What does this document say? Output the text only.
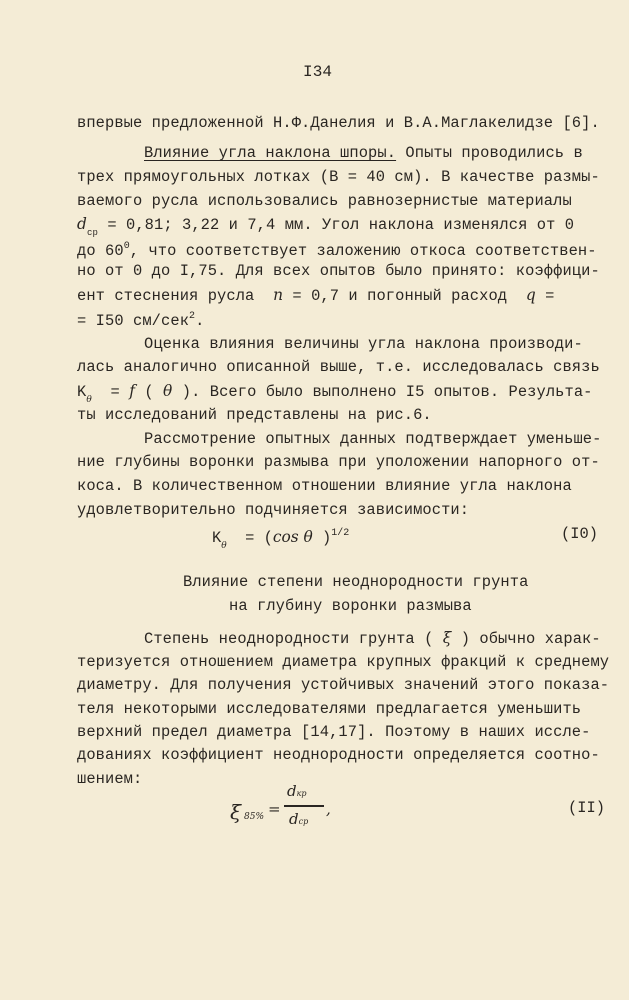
I34
впервые предложенной Н.Ф.Данелия и В.А.Маглакелидзе [6].
Влияние угла наклона шпоры. Опыты проводились в
трех прямоугольных лотках (B = 40 см). В качестве размы-
ваемого русла использовались равнозернистые материалы
$d_{ср} = 0,81$; 3,22 и 7,4 мм. Угол наклона изменялся от 0
до $60^0$, что соответствует заложению откоса соответствен-
но от 0 до I,75. Для всех опытов было принято: коэффици-
ент стеснения русла n = 0,7 и погонный расход q =
= I50 см/сек$^2$.
Оценка влияния величины угла наклона производи-
лась аналогично описанной выше, т.е. исследовалась связь
$K_\theta = f$ ( θ ). Всего было выполнено I5 опытов. Результа-
ты исследований представлены на рис.6.
Рассмотрение опытных данных подтверждает уменьше-
ние глубины воронки размыва при уположении напорного от-
коса. В количественном отношении влияние угла наклона
удовлетворительно подчиняется зависимости:
$K_\theta = (\cos$ θ )$^{1/2}$	(I0)
Влияние степени неоднородности грунта
на глубину воронки размыва
Степень неоднородности грунта ( ξ ) обычно харак-
теризуется отношением диаметра крупных фракций к среднему
диаметру. Для получения устойчивых значений этого показа-
теля некоторыми исследователями предлагается уменьшить
верхний предел диаметра [14,17]. Поэтому в наших иссле-
дованиях коэффициент неоднородности определяется соотно-
шением:
ξ 85% =
dкр
dср
,	(II)
